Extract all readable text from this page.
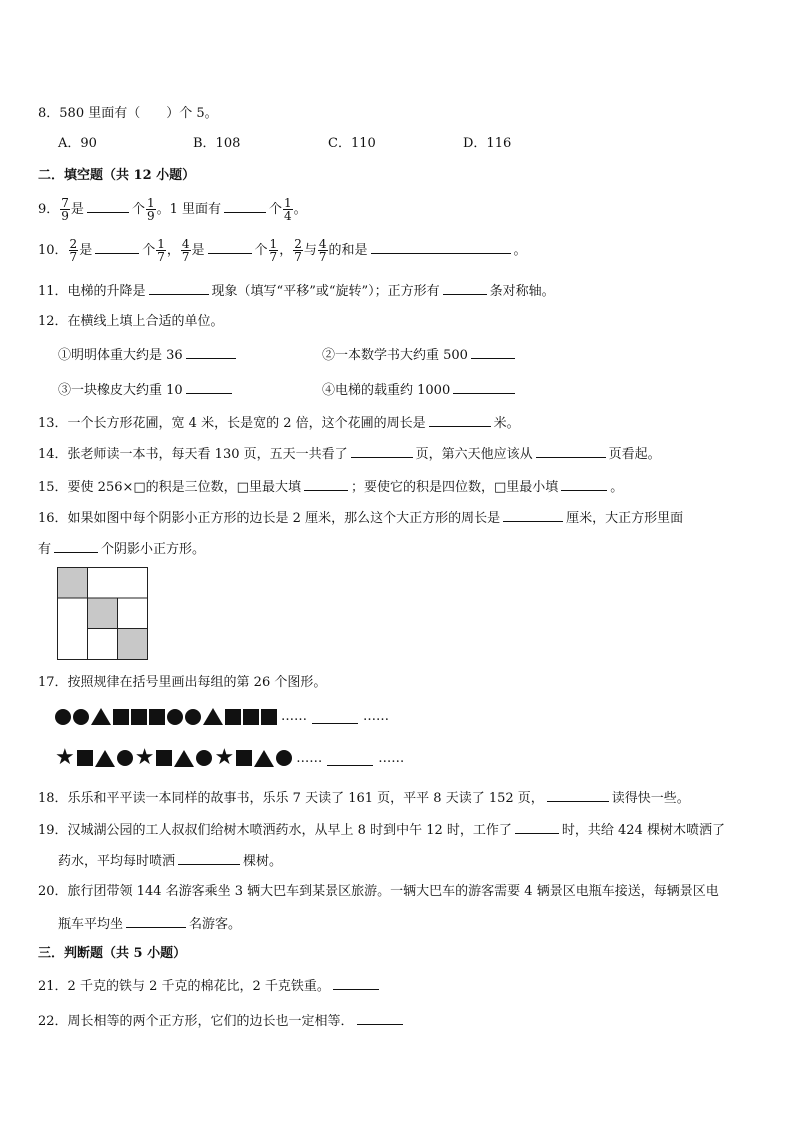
8．580 里面有（　　）个 5。
A．90	B．108	C．110	D．116
二．填空题（共 12 小题）
9． $\frac{7}{9}$ 是	个 $\frac{1}{9}$ 。1 里面有	个 $\frac{1}{4}$ 。
10． $\frac{2}{7}$ 是	个 $\frac{1}{7}$ ， $\frac{4}{7}$ 是	个 $\frac{1}{7}$ ， $\frac{2}{7}$ 与 $\frac{4}{7}$ 的和是	。
11．电梯的升降是	现象（填写“平移”或“旋转”）；正方形有	条对称轴。
12．在横线上填上合适的单位。
①明明体重大约是 36	②一本数学书大约重 500
③一块橡皮大约重 10	④电梯的载重约 1000
13．一个长方形花圃，宽 4 米，长是宽的 2 倍，这个花圃的周长是	米。
14．张老师读一本书，每天看 130 页，五天一共看了	页，第六天他应该从	页看起。
15．要使 256×□的积是三位数，□里最大填	；要使它的积是四位数，□里最小填	。
16．如果如图中每个阴影小正方形的边长是 2 厘米，那么这个大正方形的周长是	厘米，大正方形里面
有	个阴影小正方形。
17．按照规律在括号里画出每组的第 26 个图形。
……	……
★	★	★	……	……
18．乐乐和平平读一本同样的故事书，乐乐 7 天读了 161 页，平平 8 天读了 152 页，	读得快一些。
19．汉城湖公园的工人叔叔们给树木喷洒药水，从早上 8 时到中午 12 时，工作了	时，共给 424 棵树木喷洒了
药水，平均每时喷洒	棵树。
20．旅行团带领 144 名游客乘坐 3 辆大巴车到某景区旅游。一辆大巴车的游客需要 4 辆景区电瓶车接送，每辆景区电
瓶车平均坐	名游客。
三．判断题（共 5 小题）
21．2 千克的铁与 2 千克的棉花比，2 千克铁重。
22．周长相等的两个正方形，它们的边长也一定相等．
